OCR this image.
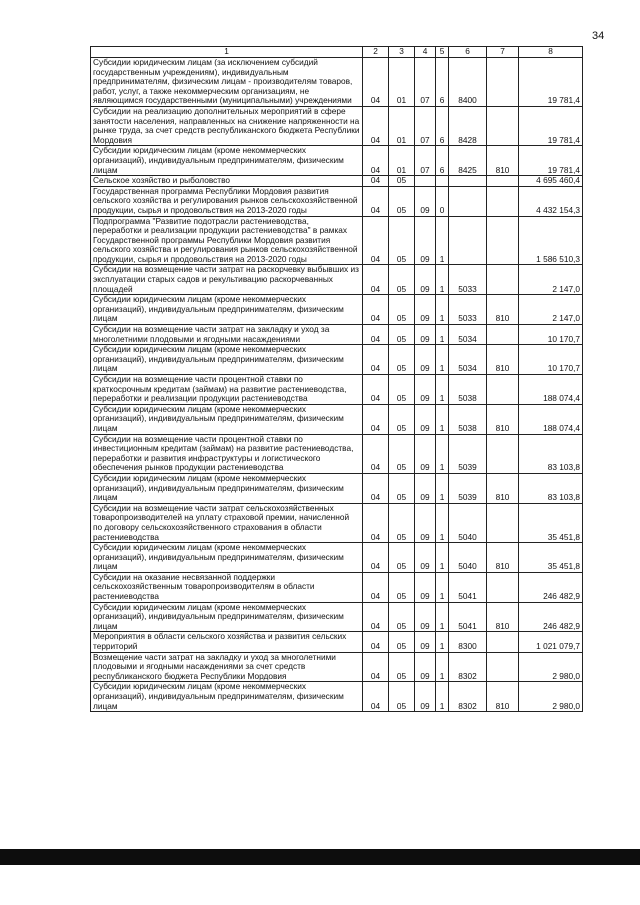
34
1	2	3	4	5	6	7	8
Субсидии юридическим лицам (за исключением субсидий государственным учреждениям), индивидуальным предпринимателям, физическим лицам - производителям товаров, работ, услуг, а также некоммерческим организациям, не являющимся государственными (муниципальными) учреждениями	04	01	07	6	8400		19 781,4
Субсидии на реализацию дополнительных мероприятий в сфере занятости населения, направленных на снижение напряженности на рынке труда, за счет средств республиканского бюджета Республики Мордовия	04	01	07	6	8428		19 781,4
Субсидии юридическим лицам (кроме некоммерческих организаций), индивидуальным предпринимателям, физическим лицам	04	01	07	6	8425	810	19 781,4
Сельское хозяйство и рыболовство	04	05					4 695 460,4
Государственная программа Республики Мордовия развития сельского хозяйства и регулирования рынков сельскохозяйственной продукции, сырья и продовольствия на 2013-2020 годы	04	05	09	0			4 432 154,3
Подпрограмма "Развитие подотрасли растениеводства, переработки и реализации продукции растениеводства" в рамках Государственной программы Республики Мордовия развития сельского хозяйства и регулирования рынков сельскохозяйственной продукции, сырья и продовольствия на 2013-2020 годы	04	05	09	1			1 586 510,3
Субсидии на возмещение части затрат на раскорчевку выбывших из эксплуатации старых садов и рекультивацию раскорчеванных площадей	04	05	09	1	5033		2 147,0
Субсидии юридическим лицам (кроме некоммерческих организаций), индивидуальным предпринимателям, физическим лицам	04	05	09	1	5033	810	2 147,0
Субсидии на возмещение части затрат на закладку и уход за многолетними плодовыми и ягодными насаждениями	04	05	09	1	5034		10 170,7
Субсидии юридическим лицам (кроме некоммерческих организаций), индивидуальным предпринимателям, физическим лицам	04	05	09	1	5034	810	10 170,7
Субсидии на возмещение части процентной ставки по краткосрочным кредитам (займам) на развитие растениеводства, переработки и реализации продукции растениеводства	04	05	09	1	5038		188 074,4
Субсидии юридическим лицам (кроме некоммерческих организаций), индивидуальным предпринимателям, физическим лицам	04	05	09	1	5038	810	188 074,4
Субсидии на возмещение части процентной ставки по инвестиционным кредитам (займам) на развитие растениеводства, переработки и развития инфраструктуры и логистического обеспечения рынков продукции растениеводства	04	05	09	1	5039		83 103,8
Субсидии юридическим лицам (кроме некоммерческих организаций), индивидуальным предпринимателям, физическим лицам	04	05	09	1	5039	810	83 103,8
Субсидии на возмещение части затрат сельскохозяйственных товаропроизводителей на уплату страховой премии, начисленной по договору сельскохозяйственного страхования в области растениеводства	04	05	09	1	5040		35 451,8
Субсидии юридическим лицам (кроме некоммерческих организаций), индивидуальным предпринимателям, физическим лицам	04	05	09	1	5040	810	35 451,8
Субсидии на оказание несвязанной поддержки сельскохозяйственным товаропроизводителям в области растениеводства	04	05	09	1	5041		246 482,9
Субсидии юридическим лицам (кроме некоммерческих организаций), индивидуальным предпринимателям, физическим лицам	04	05	09	1	5041	810	246 482,9
Мероприятия в области сельского хозяйства и развития сельских территорий	04	05	09	1	8300		1 021 079,7
Возмещение части затрат на закладку и уход за многолетними плодовыми и ягодными насаждениями за счет средств республиканского бюджета Республики Мордовия	04	05	09	1	8302		2 980,0
Субсидии юридическим лицам (кроме некоммерческих организаций), индивидуальным предпринимателям, физическим лицам	04	05	09	1	8302	810	2 980,0
